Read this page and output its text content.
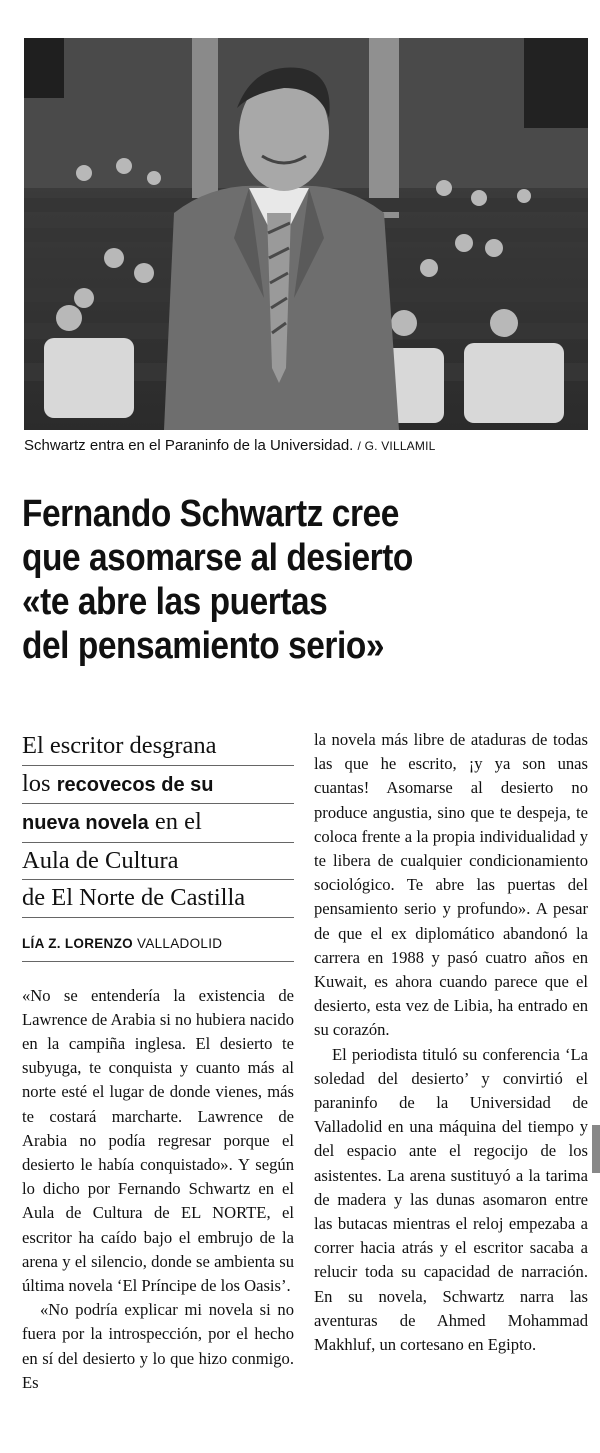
Schwartz entra en el Paraninfo de la Universidad. / G. VILLAMIL
Fernando Schwartz cree
que asomarse al desierto
«te abre las puertas
del pensamiento serio»
El escritor desgrana
los recovecos de su
nueva novela en el
Aula de Cultura
de El Norte de Castilla
LÍA Z. LORENZO VALLADOLID

«No se entendería la existencia de Lawrence de Arabia si no hubiera nacido en la campiña inglesa. El desierto te subyuga, te conquista y cuanto más al norte esté el lugar de donde vienes, más te costará marcharte. Lawrence de Arabia no podía regresar porque el desierto le había conquistado». Y según lo dicho por Fernando Schwartz en el Aula de Cultura de EL NORTE, el escritor ha caído bajo el embrujo de la arena y el silencio, donde se ambienta su última novela ‘El Príncipe de los Oasis’.

«No podría explicar mi novela si no fuera por la introspección, por el hecho en sí del desierto y lo que hizo conmigo. Es

la novela más libre de ataduras de todas las que he escrito, ¡y ya son unas cuantas! Asomarse al desierto no produce angustia, sino que te despeja, te coloca frente a la propia individualidad y te libera de cualquier condicionamiento sociológico. Te abre las puertas del pensamiento serio y profundo». A pesar de que el ex diplomático abandonó la carrera en 1988 y pasó cuatro años en Kuwait, es ahora cuando parece que el desierto, esta vez de Libia, ha entrado en su corazón.

El periodista tituló su conferencia ‘La soledad del desierto’ y convirtió el paraninfo de la Universidad de Valladolid en una máquina del tiempo y del espacio ante el regocijo de los asistentes. La arena sustituyó a la tarima de madera y las dunas asomaron entre las butacas mientras el reloj empezaba a correr hacia atrás y el escritor sacaba a relucir toda su capacidad de narración. En su novela, Schwartz narra las aventuras de Ahmed Mohammad Makhluf, un cortesano en Egipto.
